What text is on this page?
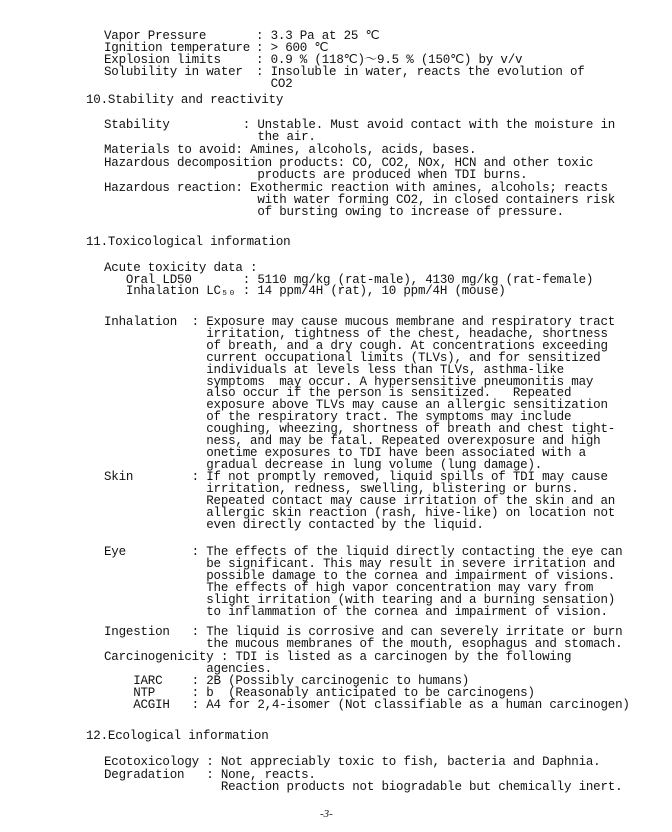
Vapor Pressure	: 3.3 Pa at 25 ℃
Ignition temperature : > 600 ℃
Explosion limits	: 0.9 % (118℃)～9.5 % (150℃) by v/v
Solubility in water : Insoluble in water, reacts the evolution of
CO2
10.Stability and reactivity
Stability          : Unstable. Must avoid contact with the moisture in
the air.
Materials to avoid: Amines, alcohols, acids, bases.
Hazardous decomposition products: CO, CO2, NOx, HCN and other toxic
products are produced when TDI burns.
Hazardous reaction: Exothermic reaction with amines, alcohols; reacts
with water forming CO2, in closed containers risk
of bursting owing to increase of pressure.
11.Toxicological information
Acute toxicity data :
Oral LD50       : 5110 mg/kg (rat-male), 4130 mg/kg (rat-female)
Inhalation LC₅₀ : 14 ppm/4H (rat), 10 ppm/4H (mouse)
Inhalation  : Exposure may cause mucous membrane and respiratory tract
irritation, tightness of the chest, headache, shortness
of breath, and a dry cough. At concentrations exceeding
current occupational limits (TLVs), and for sensitized
individuals at levels less than TLVs, asthma-like
symptoms  may occur. A hypersensitive pneumonitis may
also occur if the person is sensitized.   Repeated
exposure above TLVs may cause an allergic sensitization
of the respiratory tract. The symptoms may include
coughing, wheezing, shortness of breath and chest tight-
ness, and may be fatal. Repeated overexposure and high
onetime exposures to TDI have been associated with a
gradual decrease in lung volume (lung damage).
Skin        : If not promptly removed, liquid spills of TDI may cause
irritation, redness, swelling, blistering or burns.
Repeated contact may cause irritation of the skin and an
allergic skin reaction (rash, hive-like) on location not
even directly contacted by the liquid.
Eye         : The effects of the liquid directly contacting the eye can
be significant. This may result in severe irritation and
possible damage to the cornea and impairment of visions.
The effects of high vapor concentration may vary from
slight irritation (with tearing and a burning sensation)
to inflammation of the cornea and impairment of vision.
Ingestion   : The liquid is corrosive and can severely irritate or burn
the mucous membranes of the mouth, esophagus and stomach.
Carcinogenicity : TDI is listed as a carcinogen by the following
agencies.
IARC    : 2B (Possibly carcinogenic to humans)
NTP     : b  (Reasonably anticipated to be carcinogens)
ACGIH   : A4 for 2,4-isomer (Not classifiable as a human carcinogen)
12.Ecological information
Ecotoxicology : Not appreciably toxic to fish, bacteria and Daphnia.
Degradation   : None, reacts.
Reaction products not biogradable but chemically inert.
-3-
